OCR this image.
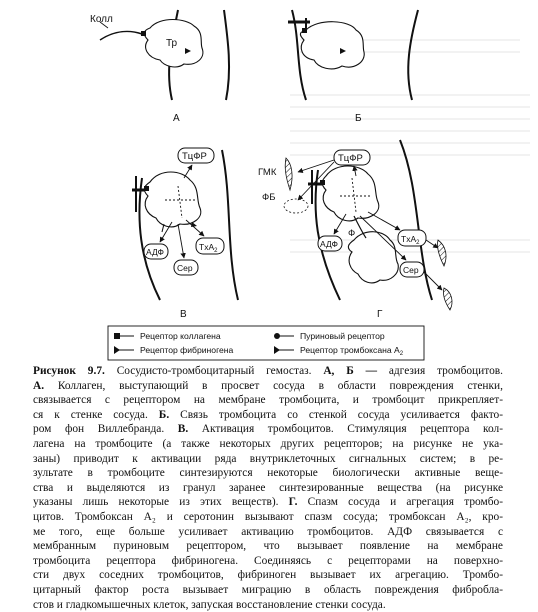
Колл
Тр
А	Б
ТцФР
АДФ
Сер
TxA$_2$
В
ТцФР
ГМК
ФБ
АДФ	TxA$_2$
Сер
Ф
Г
Рецептор коллагена
Рецептор фибриногена
Пуриновый рецептор
Рецептор тромбоксана $A_2$
Рисунок 9.7. Сосудисто-тромбоцитарный гемостаз. А, Б — адгезия тромбоцитов.
А. Коллаген, выступающий в просвет сосуда в области повреждения стенки,
связывается с рецептором на мембране тромбоцита, и тромбоцит прикрепляет-
ся к стенке сосуда. Б. Связь тромбоцита со стенкой сосуда усиливается факто-
ром фон Виллебранда. В. Активация тромбоцитов. Стимуляция рецептора кол-
лагена на тромбоците (а также некоторых других рецепторов; на рисунке не ука-
заны) приводит к активации ряда внутриклеточных сигнальных систем; в ре-
зультате в тромбоците синтезируются некоторые биологически активные веще-
ства и выделяются из гранул заранее синтезированные вещества (на рисунке
указаны лишь некоторые из этих веществ). Г. Спазм сосуда и агрегация тромбо-
цитов. Тромбоксан A₂ и серотонин вызывают спазм сосуда; тромбоксан A₂, кро-
ме того, еще больше усиливает активацию тромбоцитов. АДФ связывается с
мембранным пуриновым рецептором, что вызывает появление на мембране
тромбоцита рецептора фибриногена. Соединяясь с рецепторами на поверхно-
сти двух соседних тромбоцитов, фибриноген вызывает их агрегацию. Тромбо-
цитарный фактор роста вызывает миграцию в область повреждения фибробла-
стов и гладкомышечных клеток, запуская восстановление стенки сосуда.
